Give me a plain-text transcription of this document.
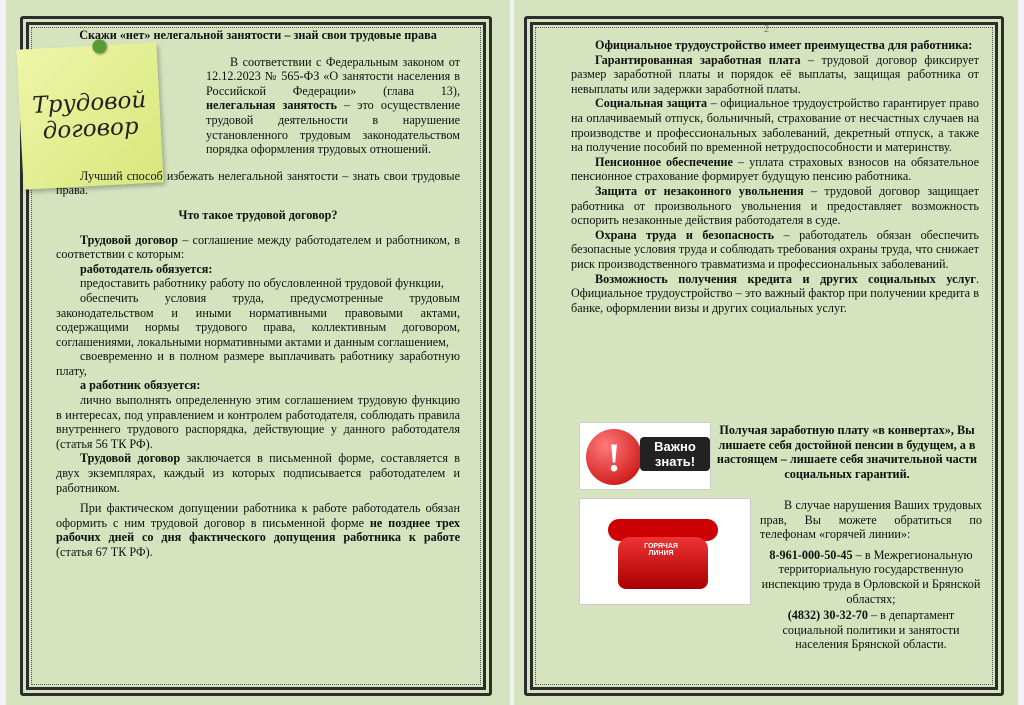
Трудовой
договор

Скажи «нет» нелегальной занятости – знай свои трудовые права

В соответствии с Федеральным законом от 12.12.2023 № 565-ФЗ «О занятости населения в Российской Федерации» (глава 13), нелегальная занятость – это осуществление трудовой деятельности в нарушение установленного трудовым законодательством порядка оформления трудовых отношений.

Лучший способ избежать нелегальной занятости – знать свои трудовые права.

Что такое трудовой договор?

Трудовой договор – соглашение между работодателем и работником, в соответствии с которым:

работодатель обязуется:

предоставить работнику работу по обусловленной трудовой функции,

обеспечить условия труда, предусмотренные трудовым законодательством и иными нормативными правовыми актами, содержащими нормы трудового права, коллективным договором, соглашениями, локальными нормативными актами и данным соглашением,

своевременно и в полном размере выплачивать работнику заработную плату,

а работник обязуется:

лично выполнять определенную этим соглашением трудовую функцию в интересах, под управлением и контролем работодателя, соблюдать правила внутреннего трудового распорядка, действующие у данного работодателя (статья 56 ТК РФ).

Трудовой договор заключается в письменной форме, составляется в двух экземплярах, каждый из которых подписывается работодателем и работником.

При фактическом допущении работника к работе работодатель обязан оформить с ним трудовой договор в письменной форме не позднее трех рабочих дней со дня фактического допущения работника к работе (статья 67 ТК РФ).

2

Официальное трудоустройство имеет преимущества для работника:

Гарантированная заработная плата – трудовой договор фиксирует размер заработной платы и порядок её выплаты, защищая работника от невыплаты или задержки заработной платы.

Социальная защита – официальное трудоустройство гарантирует право на оплачиваемый отпуск, больничный, страхование от несчастных случаев на производстве и профессиональных заболеваний, декретный отпуск, а также на получение пособий по временной нетрудоспособности и материнству.

Пенсионное обеспечение – уплата страховых взносов на обязательное пенсионное страхование формирует будущую пенсию работника.

Защита от незаконного увольнения – трудовой договор защищает работника от произвольного увольнения и предоставляет возможность оспорить незаконные действия работодателя в суде.

Охрана труда и безопасность – работодатель обязан обеспечить безопасные условия труда и соблюдать требования охраны труда, что снижает риск производственного травматизма и профессиональных заболеваний.

Возможность получения кредита и других социальных услуг. Официальное трудоустройство – это важный фактор при получении кредита в банке, оформлении визы и других социальных услуг.

!	Важно знать!
Получая заработную плату «в конвертах», Вы лишаете себя достойной пенсии в будущем, а в настоящем – лишаете себя значительной части социальных гарантий.
ГОРЯЧАЯ ЛИНИЯ

В случае нарушения Ваших трудовых прав, Вы можете обратиться по телефонам «горячей линии»:

8-961-000-50-45 – в Межрегиональную территориальную государственную инспекцию труда в Орловской и Брянской областях;

(4832) 30-32-70 – в департамент социальной политики и занятости населения Брянской области.
